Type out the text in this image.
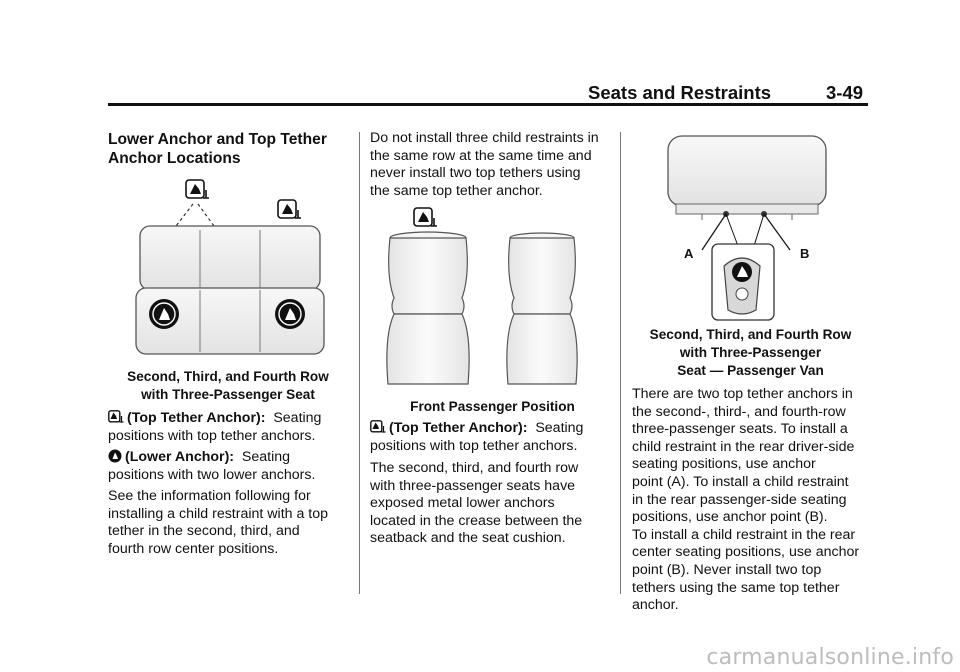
Seats and Restraints	3-49
Lower Anchor and Top Tether
Anchor Locations
Second, Third, and Fourth Row
with Three-Passenger Seat
(Top Tether Anchor): Seating
positions with top tether anchors.
(Lower Anchor): Seating
positions with two lower anchors.
See the information following for
installing a child restraint with a top
tether in the second, third, and
fourth row center positions.
Do not install three child restraints in
the same row at the same time and
never install two top tethers using
the same top tether anchor.
Front Passenger Position
(Top Tether Anchor): Seating
positions with top tether anchors.
The second, third, and fourth row
with three-passenger seats have
exposed metal lower anchors
located in the crease between the
seatback and the seat cushion.
A	B
Second, Third, and Fourth Row
with Three-Passenger
Seat — Passenger Van
There are two top tether anchors in
the second-, third-, and fourth-row
three-passenger seats. To install a
child restraint in the rear driver-side
seating positions, use anchor
point (A). To install a child restraint
in the rear passenger-side seating
positions, use anchor point (B).
To install a child restraint in the rear
center seating positions, use anchor
point (B). Never install two top
tethers using the same top tether
anchor.
carmanualsonline.info
